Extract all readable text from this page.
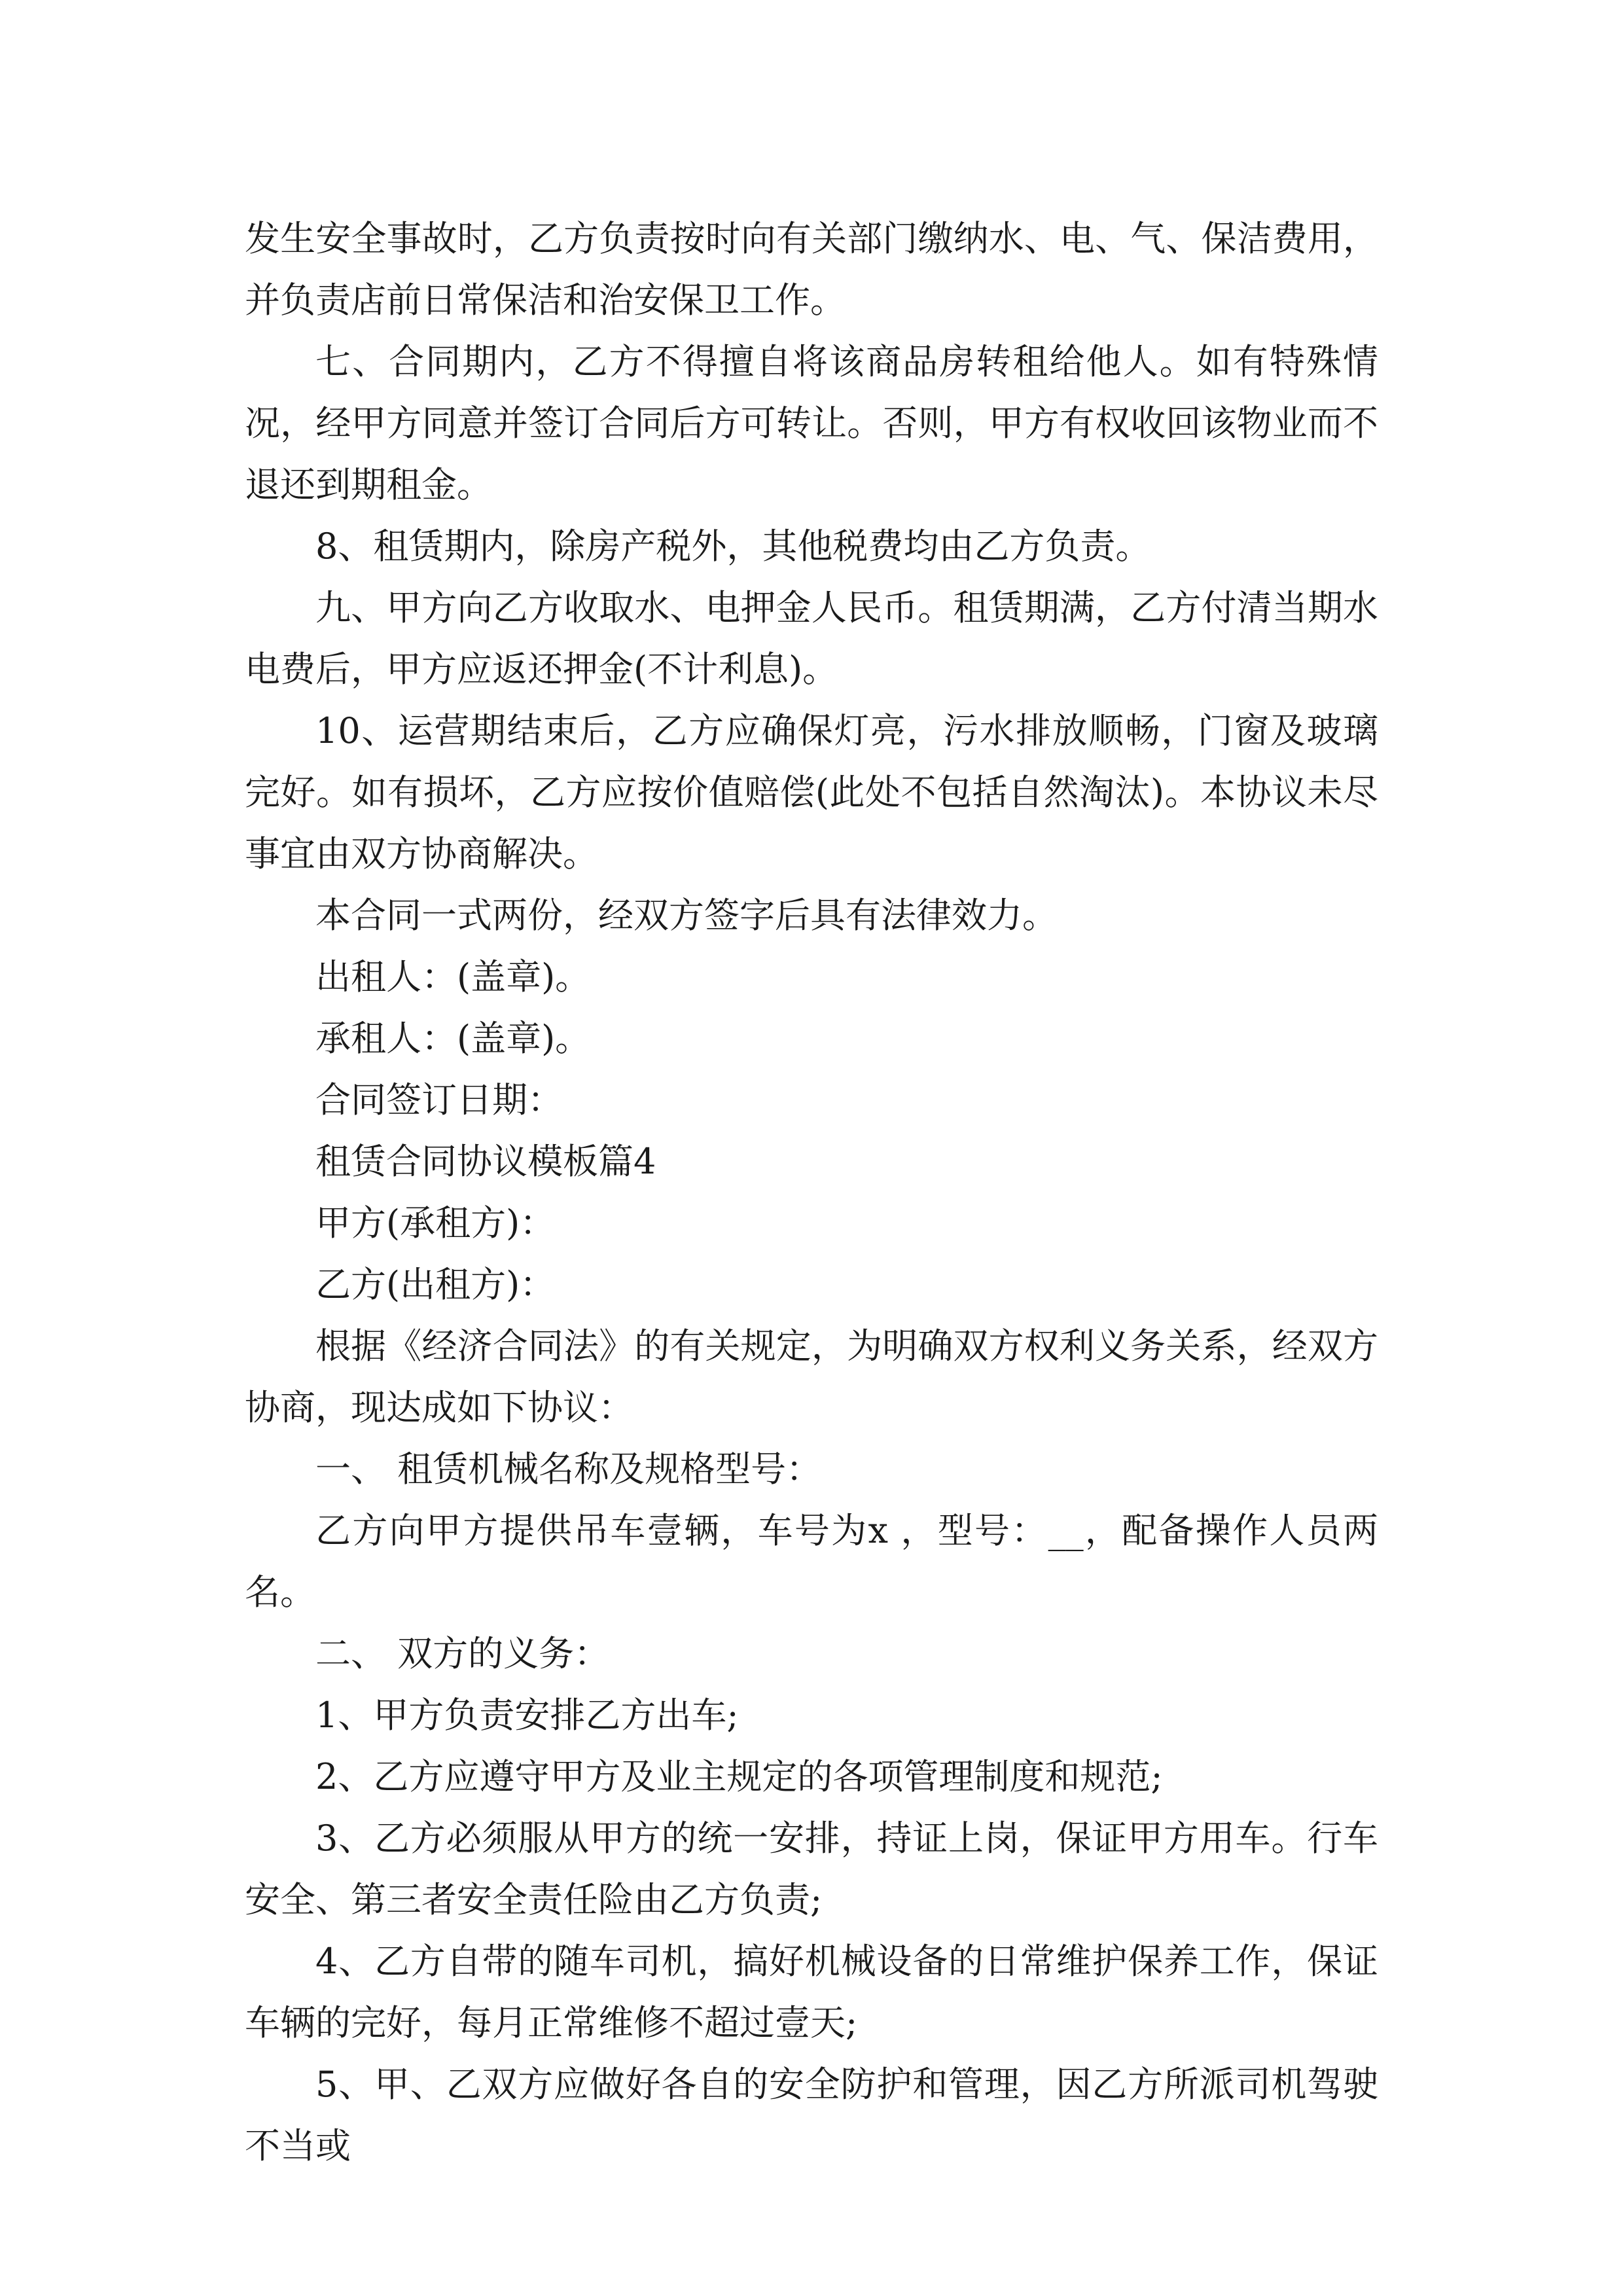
发生安全事故时，乙方负责按时向有关部门缴纳水、电、气、保洁费用，并负责店前日常保洁和治安保卫工作。

七、合同期内，乙方不得擅自将该商品房转租给他人。如有特殊情况，经甲方同意并签订合同后方可转让。否则，甲方有权收回该物业而不退还到期租金。

8、租赁期内，除房产税外，其他税费均由乙方负责。

九、甲方向乙方收取水、电押金人民币。租赁期满，乙方付清当期水电费后，甲方应返还押金(不计利息)。

10、运营期结束后，乙方应确保灯亮，污水排放顺畅，门窗及玻璃完好。如有损坏，乙方应按价值赔偿(此处不包括自然淘汰)。本协议未尽事宜由双方协商解决。

本合同一式两份，经双方签字后具有法律效力。

出租人：(盖章)。

承租人：(盖章)。

合同签订日期：

租赁合同协议模板篇4

甲方(承租方)：

乙方(出租方)：

根据《经济合同法》的有关规定，为明确双方权利义务关系，经双方协商，现达成如下协议：

一、 租赁机械名称及规格型号：

乙方向甲方提供吊车壹辆，车号为x ，型号：__，配备操作人员两名。

二、 双方的义务：

1、甲方负责安排乙方出车;

2、乙方应遵守甲方及业主规定的各项管理制度和规范;

3、乙方必须服从甲方的统一安排，持证上岗，保证甲方用车。行车安全、第三者安全责任险由乙方负责;

4、乙方自带的随车司机，搞好机械设备的日常维护保养工作，保证车辆的完好，每月正常维修不超过壹天;

5、甲、乙双方应做好各自的安全防护和管理，因乙方所派司机驾驶不当或
